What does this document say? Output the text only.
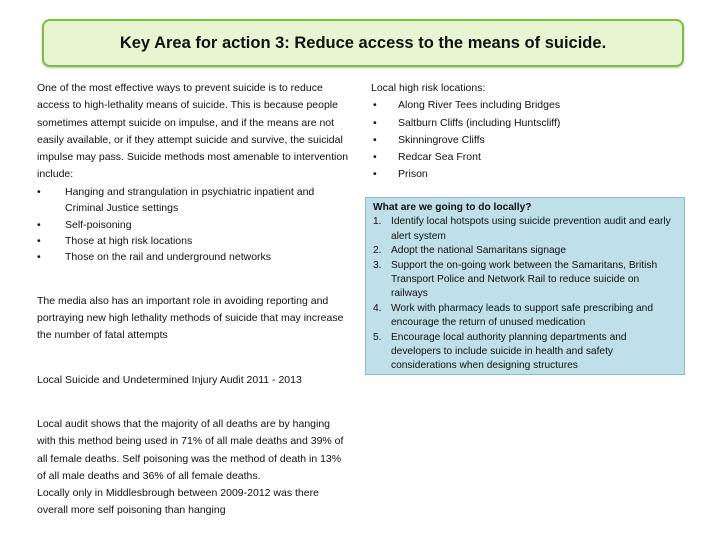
Key Area for action 3: Reduce access to the means of suicide.

One of the most effective ways to prevent suicide is to reduce access to high-lethality means of suicide. This is because people sometimes attempt suicide on impulse, and if the means are not easily available, or if they attempt suicide and survive, the suicidal impulse may pass. Suicide methods most amenable to intervention include:

• Hanging and strangulation in psychiatric inpatient and Criminal Justice settings
• Self-poisoning
• Those at high risk locations
• Those on the rail and underground networks

The media also has an important role in avoiding reporting and portraying new high lethality methods of suicide that may increase the number of fatal attempts

Local Suicide and Undetermined Injury Audit 2011 - 2013

Local audit shows that the majority of all deaths are by hanging with this method being used in 71% of all male deaths and 39% of all female deaths. Self poisoning was the method of death in 13% of all male deaths and 36% of all female deaths.

Locally only in Middlesbrough between 2009-2012 was there overall more self poisoning than hanging

Local high risk locations:

• Along River Tees including Bridges
• Saltburn Cliffs (including Huntscliff)
• Skinningrove Cliffs
• Redcar Sea Front
• Prison

What are we going to do locally?

1. Identify local hotspots using suicide prevention audit and early alert system
2. Adopt the national Samaritans signage
3. Support the on-going work between the Samaritans, British Transport Police and Network Rail to reduce suicide on railways
4. Work with pharmacy leads to support safe prescribing and encourage the return of unused medication
5. Encourage local authority planning departments and developers to include suicide in health and safety considerations when designing structures
